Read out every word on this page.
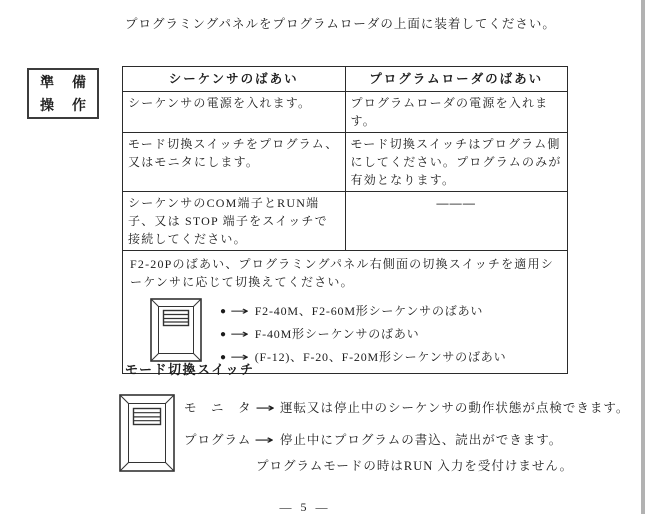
プログラミングパネルをプログラムローダの上面に装着してください。

準 備
操 作
シーケンサのばあい	プログラムローダのばあい
シーケンサの電源を入れます。	プログラムローダの電源を入れます。
モード切換スイッチをプログラム、又はモニタにします。	モード切換スイッチはプログラム側にしてください。プログラムのみが有効となります。
シーケンサのCOM端子とRUN端子、又は STOP 端子をスイッチで接続してください。	———
F2-20Pのばあい、プログラミングパネル右側面の切換スイッチを適用シーケンサに応じて切換えてください。
● → F2-40M、F2-60M形シーケンサのばあい
● → F-40M形シーケンサのばあい
● → (F-12)、F-20、F-20M形シーケンサのばあい	
モード切換スイッチ

モ　ニ　タ → 運転又は停止中のシーケンサの動作状態が点検できます。

プログラム → 停止中にプログラムの書込、読出ができます。

プログラムモードの時はRUN 入力を受付けません。

— 5 —
